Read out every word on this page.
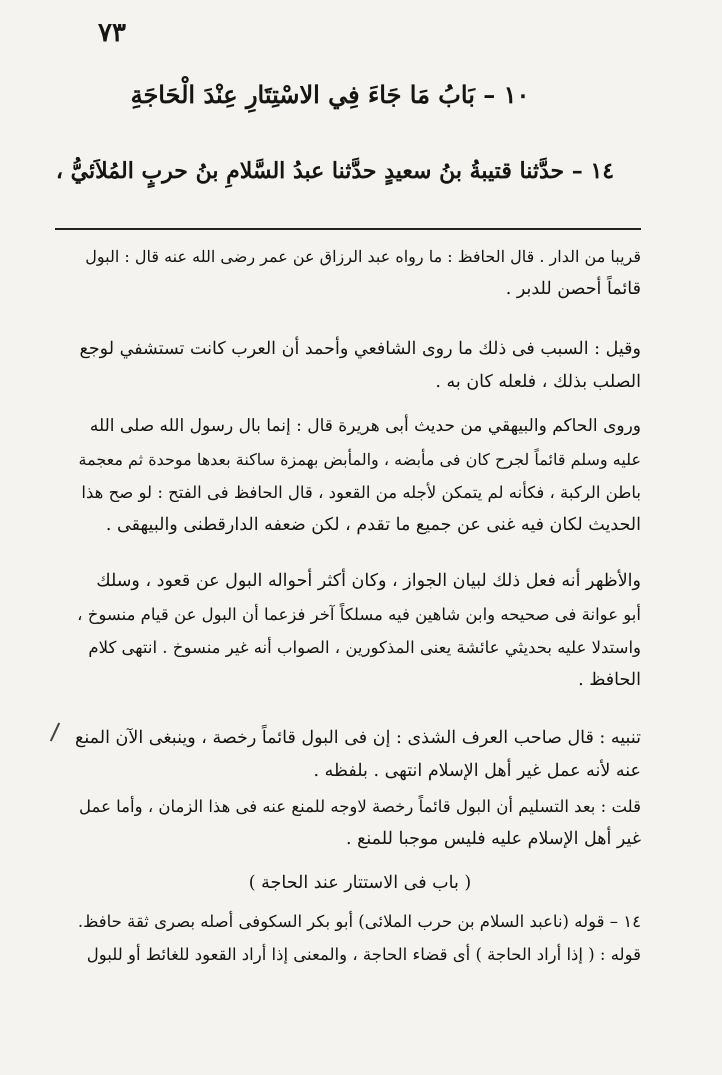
٧٣
١٠ – بَابُ مَا جَاءَ فِي الاسْتِتَارِ عِنْدَ الْحَاجَةِ
١٤ – حدَّثنا قتيبةُ بنُ سعيدٍ حدَّثنا عبدُ السَّلامِ بنُ حربٍ المُلاَئيُّ ،
قريبا من الدار . قال الحافظ : ما رواه عبد الرزاق عن عمر رضى الله عنه قال : البول
قائماً أحصن للدبر .
وقيل : السبب فى ذلك ما روى الشافعي وأحمد أن العرب كانت تستشفي لوجع
الصلب بذلك ، فلعله كان به .
وروى الحاكم والبيهقي من حديث أبى هريرة قال : إنما بال رسول الله صلى الله
عليه وسلم قائماً لجرح كان فى مأبضه ، والمأبض بهمزة ساكنة بعدها موحدة ثم معجمة
باطن الركبة ، فكأنه لم يتمكن لأجله من القعود ، قال الحافظ فى الفتح : لو صح هذا
الحديث لكان فيه غنى عن جميع ما تقدم ، لكن ضعفه الدارقطنى والبيهقى .
والأظهر أنه فعل ذلك لبيان الجواز ، وكان أكثر أحواله البول عن قعود ، وسلك
أبو عوانة فى صحيحه وابن شاهين فيه مسلكاً آخر فزعما أن البول عن قيام منسوخ ،
واستدلا عليه بحديثي عائشة يعنى المذكورين ، الصواب أنه غير منسوخ . انتهى كلام
الحافظ .
تنبيه : قال صاحب العرف الشذى : إن فى البول قائماً رخصة ، وينبغى الآن المنع
عنه لأنه عمل غير أهل الإسلام انتهى . بلفظه .
قلت : بعد التسليم أن البول قائماً رخصة لاوجه للمنع عنه فى هذا الزمان ، وأما عمل
غير أهل الإسلام عليه فليس موجبا للمنع .
( باب فى الاستتار عند الحاجة )
١٤ – قوله (ناعبد السلام بن حرب الملائى) أبو بكر السكوفى أصله بصرى ثقة حافظ.
قوله : ( إذا أراد الحاجة ) أى قضاء الحاجة ، والمعنى إذا أراد القعود للغائط أو للبول
